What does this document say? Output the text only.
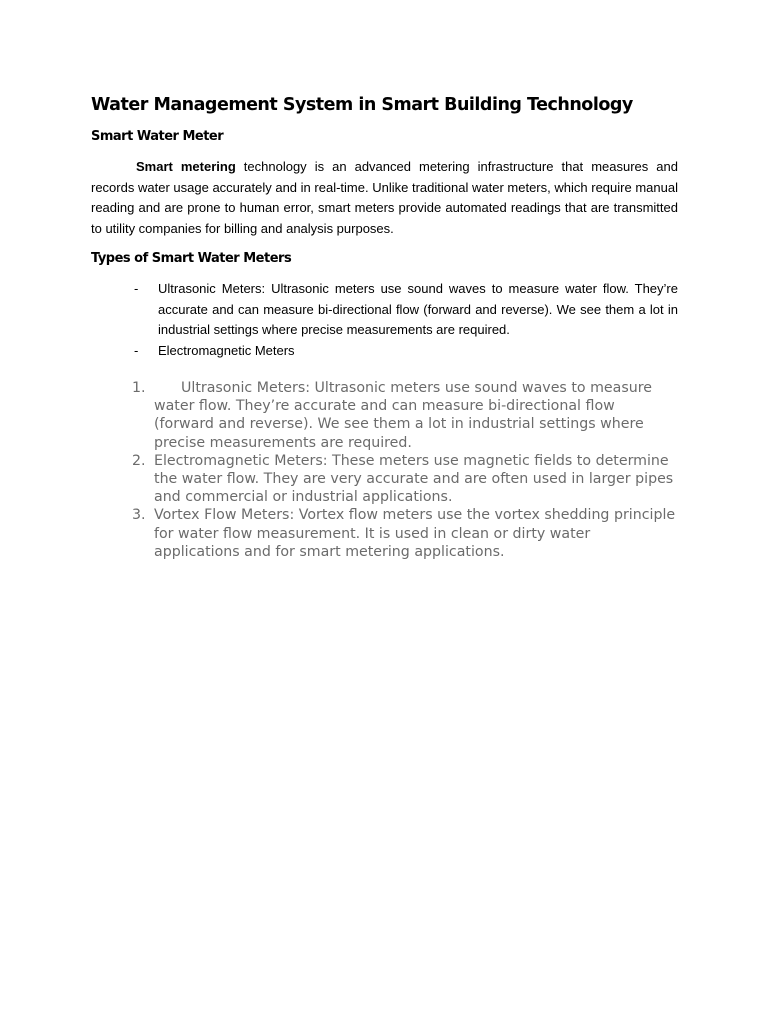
Water Management System in Smart Building Technology
Smart Water Meter

Smart metering technology is an advanced metering infrastructure that measures and records water usage accurately and in real-time. Unlike traditional water meters, which require manual reading and are prone to human error, smart meters provide automated readings that are transmitted to utility companies for billing and analysis purposes.

Types of Smart Water Meters
- Ultrasonic Meters: Ultrasonic meters use sound waves to measure water flow. They’re accurate and can measure bi-directional flow (forward and reverse). We see them a lot in industrial settings where precise measurements are required.
- Electromagnetic Meters
1.	Ultrasonic Meters: Ultrasonic meters use sound waves to measure water flow. They’re accurate and can measure bi-directional flow (forward and reverse). We see them a lot in industrial settings where precise measurements are required.
2. Electromagnetic Meters: These meters use magnetic fields to determine the water flow. They are very accurate and are often used in larger pipes and commercial or industrial applications.
3. Vortex Flow Meters: Vortex flow meters use the vortex shedding principle for water flow measurement. It is used in clean or dirty water applications and for smart metering applications.
